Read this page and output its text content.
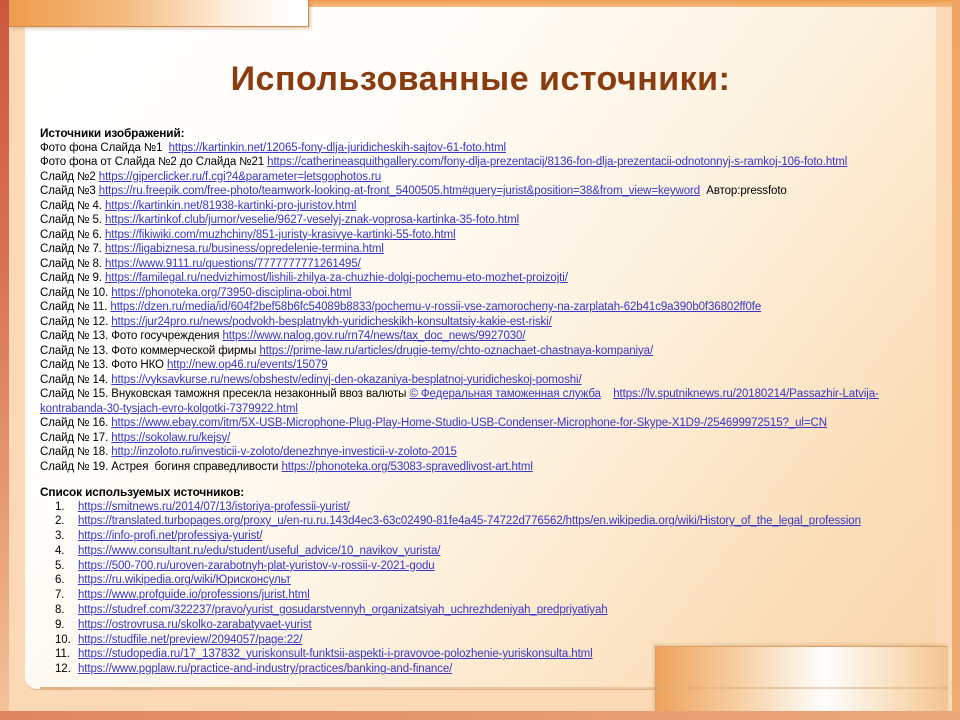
Использованные источники:
Источники изображений:
Фото фона Слайда №1  https://kartinkin.net/12065-fony-dlja-juridicheskih-sajtov-61-foto.html
Фото фона от Слайда №2 до Слайда №21 https://catherineasquithgallery.com/fony-dlja-prezentacij/8136-fon-dlja-prezentacii-odnotonnyj-s-ramkoj-106-foto.html
Слайд №2 https://giperclicker.ru/f.cgi?4&parameter=letsgophotos.ru
Слайд №3 https://ru.freepik.com/free-photo/teamwork-looking-at-front_5400505.htm#query=jurist&position=38&from_view=keyword  Автор:pressfoto
Слайд № 4. https://kartinkin.net/81938-kartinki-pro-juristov.html
Слайд № 5. https://kartinkof.club/jumor/veselie/9627-veselyj-znak-voprosa-kartinka-35-foto.html
Слайд № 6. https://fikiwiki.com/muzhchiny/851-juristy-krasivye-kartinki-55-foto.html
Слайд № 7. https://ligabiznesa.ru/business/opredelenie-termina.html
Слайд № 8. https://www.9111.ru/questions/7777777771261495/
Слайд № 9. https://familegal.ru/nedvizhimost/lishili-zhilya-za-chuzhie-dolgi-pochemu-eto-mozhet-proizojti/
Слайд № 10. https://phonoteka.org/73950-disciplina-oboi.html
Слайд № 11. https://dzen.ru/media/id/604f2bef58b6fc54089b8833/pochemu-v-rossii-vse-zamorocheny-na-zarplatah-62b41c9a390b0f36802ff0fe
Слайд № 12. https://jur24pro.ru/news/podvokh-besplatnykh-yuridicheskikh-konsultatsiy-kakie-est-riski/
Слайд № 13. Фото госучреждения https://www.nalog.gov.ru/rn74/news/tax_doc_news/9927030/
Слайд № 13. Фото коммерческой фирмы https://prime-law.ru/articles/drugie-temy/chto-oznachaet-chastnaya-kompaniya/
Слайд № 13. Фото НКО http://new.op46.ru/events/15079
Слайд № 14. https://vyksavkurse.ru/news/obshestv/edinyj-den-okazaniya-besplatnoj-yuridicheskoj-pomoshi/
Слайд № 15. Внуковская таможня пресекла незаконный ввоз валюты © Федеральная таможенная служба https://lv.sputniknews.ru/20180214/Passazhir-Latvija-kontrabanda-30-tysjach-evro-kolgotki-7379922.html
Слайд № 16. https://www.ebay.com/itm/5X-USB-Microphone-Plug-Play-Home-Studio-USB-Condenser-Microphone-for-Skype-X1D9-/254699972515?_ul=CN
Слайд № 17. https://sokolaw.ru/kejsy/
Слайд № 18. http://inzoloto.ru/investicii-v-zoloto/denezhnye-investicii-v-zoloto-2015
Слайд № 19. Астрея  богиня справедливости https://phonoteka.org/53083-spravedlivost-art.html
Список используемых источников:
1.	https://smitnews.ru/2014/07/13/istoriya-professii-yurist/
2.	https://translated.turbopages.org/proxy_u/en-ru.ru.143d4ec3-63c02490-81fe4a45-74722d776562/https/en.wikipedia.org/wiki/History_of_the_legal_profession
3.	https://info-profi.net/professiya-yurist/
4.	https://www.consultant.ru/edu/student/useful_advice/10_navikov_yurista/
5.	https://500-700.ru/uroven-zarabotnyh-plat-yuristov-v-rossii-v-2021-godu
6.	https://ru.wikipedia.org/wiki/Юрисконсульт
7.	https://www.profguide.io/professions/jurist.html
8.	https://studref.com/322237/pravo/yurist_gosudarstvennyh_organizatsiyah_uchrezhdeniyah_predpriyatiyah
9.	https://ostrovrusa.ru/skolko-zarabatyvaet-yurist
10. https://studfile.net/preview/2094057/page:22/
11. https://studopedia.ru/17_137832_yuriskonsult-funktsii-aspekti-i-pravovoe-polozhenie-yuriskonsulta.html
12. https://www.pgplaw.ru/practice-and-industry/practices/banking-and-finance/
